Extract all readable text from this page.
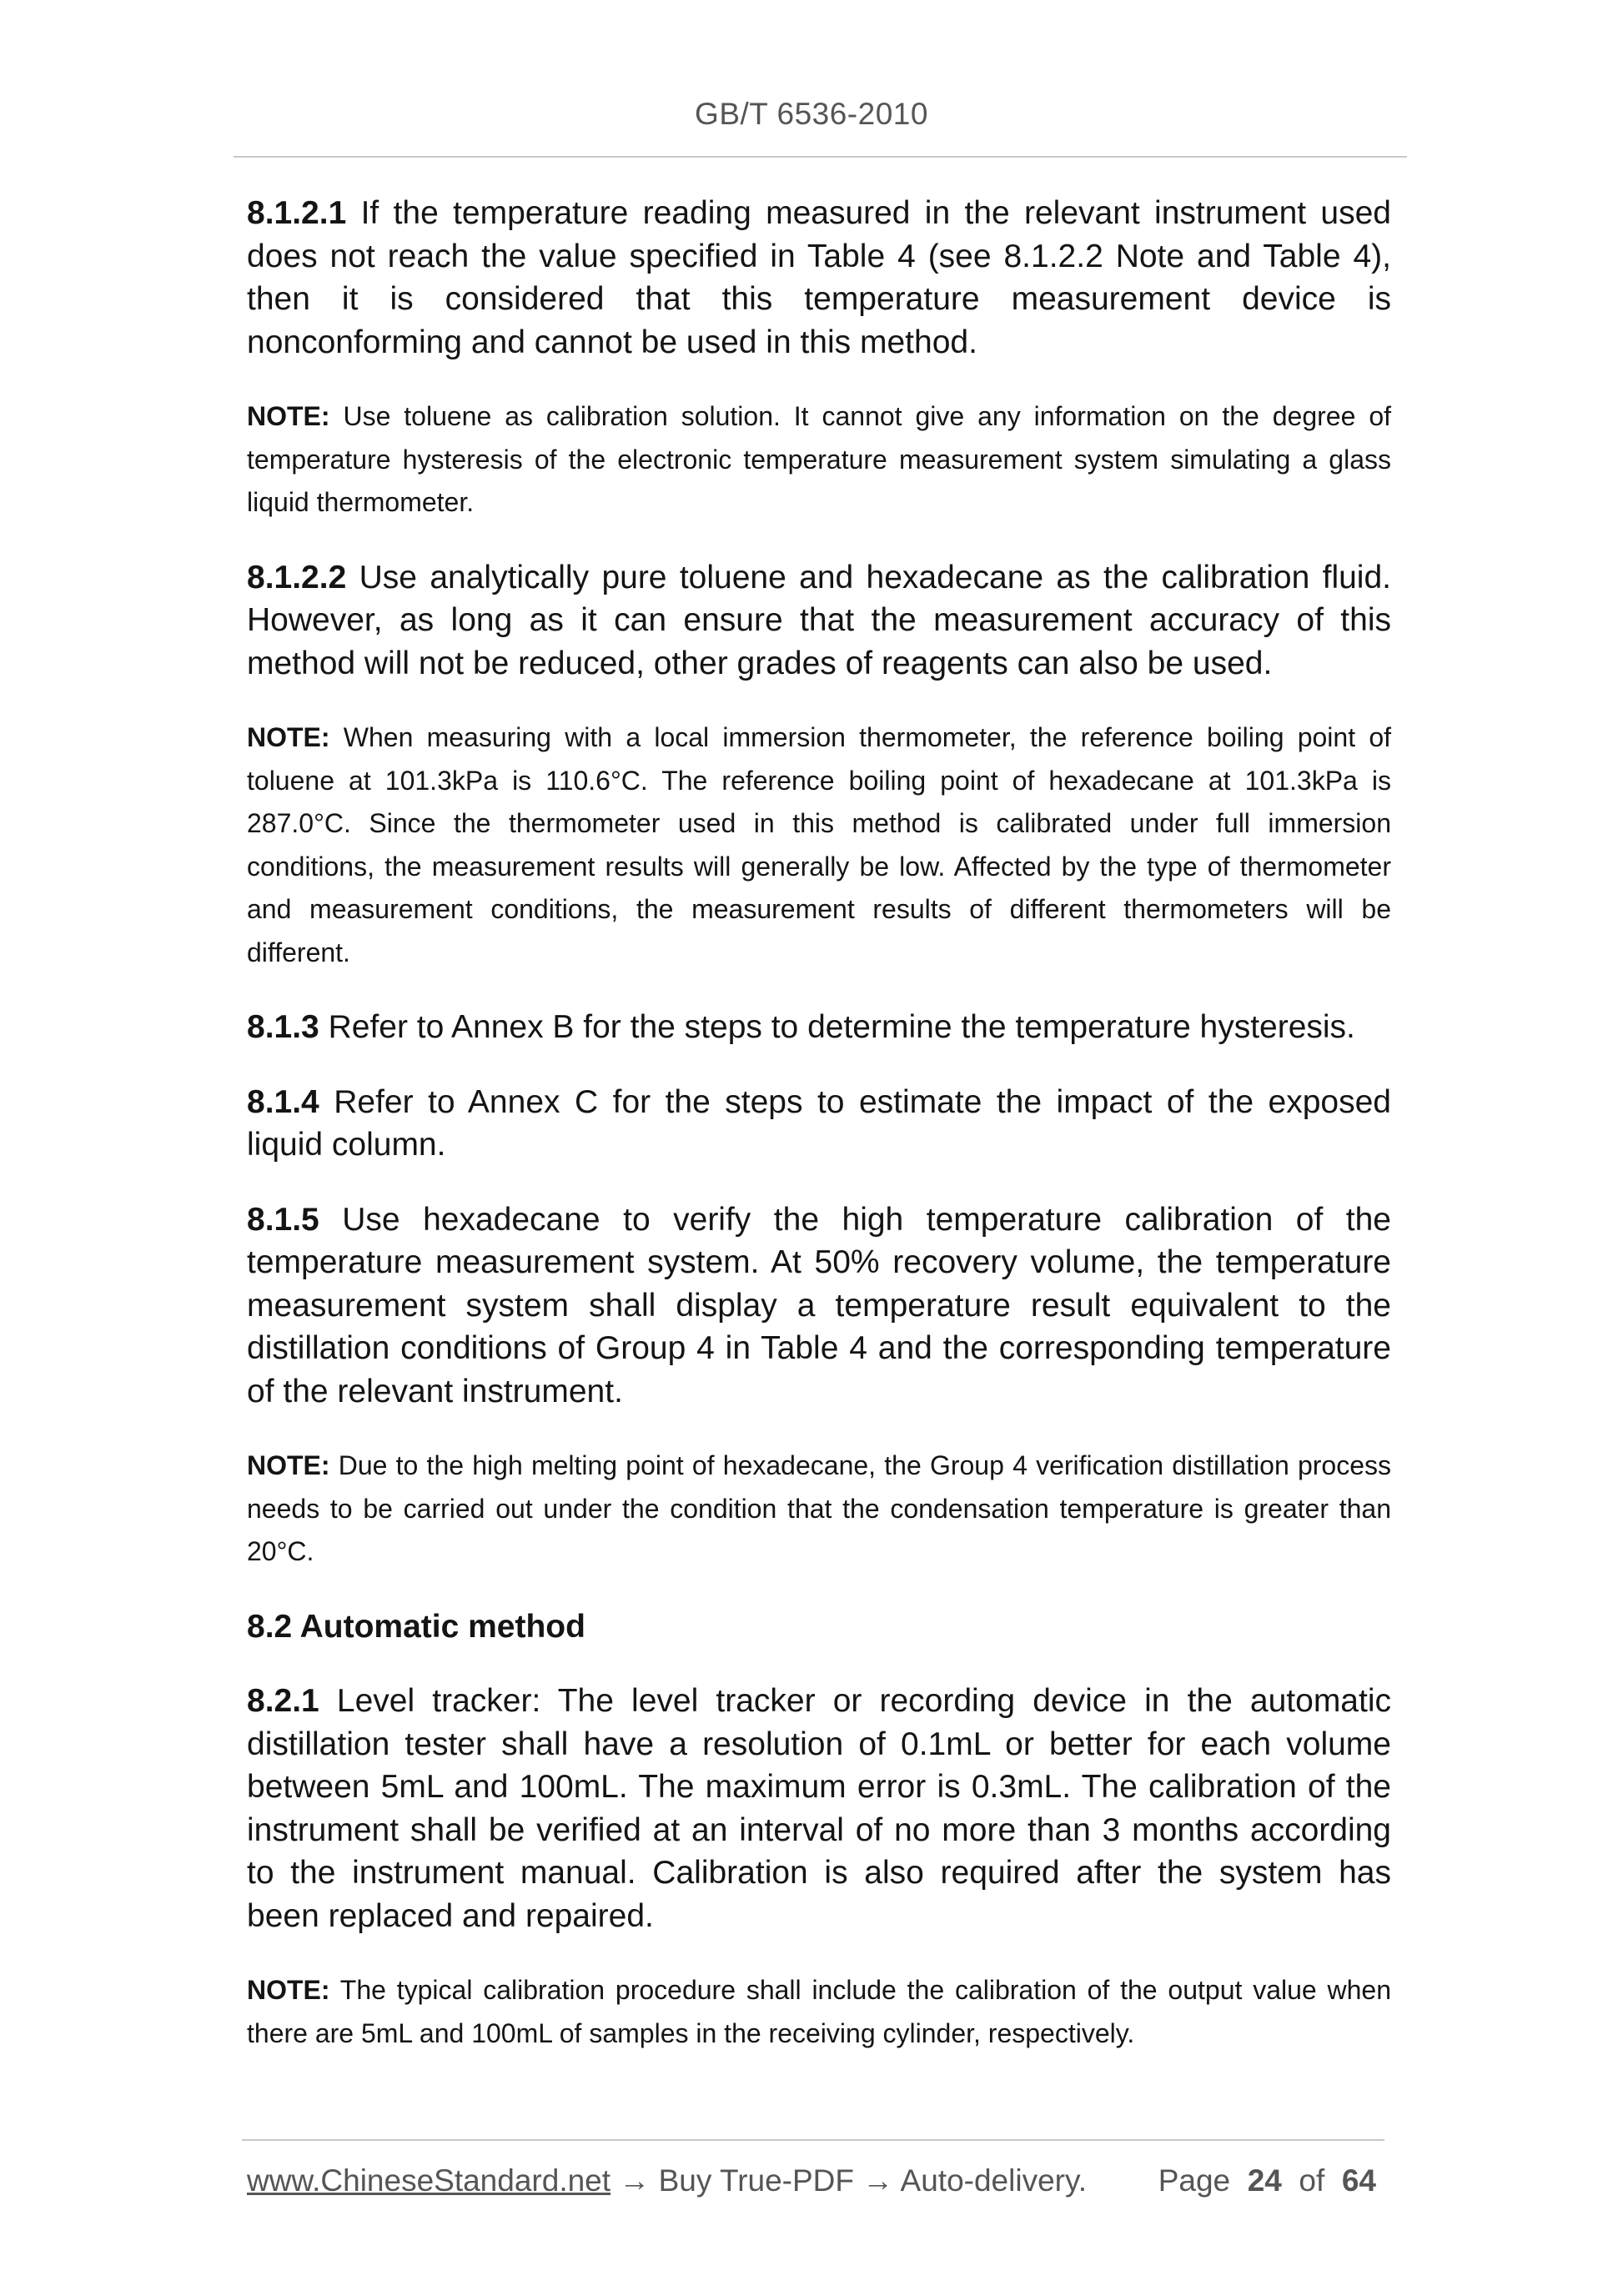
GB/T 6536-2010

8.1.2.1 If the temperature reading measured in the relevant instrument used does not reach the value specified in Table 4 (see 8.1.2.2 Note and Table 4), then it is considered that this temperature measurement device is nonconforming and cannot be used in this method.

NOTE: Use toluene as calibration solution. It cannot give any information on the degree of temperature hysteresis of the electronic temperature measurement system simulating a glass liquid thermometer.

8.1.2.2 Use analytically pure toluene and hexadecane as the calibration fluid. However, as long as it can ensure that the measurement accuracy of this method will not be reduced, other grades of reagents can also be used.

NOTE: When measuring with a local immersion thermometer, the reference boiling point of toluene at 101.3kPa is 110.6°C. The reference boiling point of hexadecane at 101.3kPa is 287.0°C. Since the thermometer used in this method is calibrated under full immersion conditions, the measurement results will generally be low. Affected by the type of thermometer and measurement conditions, the measurement results of different thermometers will be different.

8.1.3 Refer to Annex B for the steps to determine the temperature hysteresis.

8.1.4 Refer to Annex C for the steps to estimate the impact of the exposed liquid column.

8.1.5 Use hexadecane to verify the high temperature calibration of the temperature measurement system. At 50% recovery volume, the temperature measurement system shall display a temperature result equivalent to the distillation conditions of Group 4 in Table 4 and the corresponding temperature of the relevant instrument.

NOTE: Due to the high melting point of hexadecane, the Group 4 verification distillation process needs to be carried out under the condition that the condensation temperature is greater than 20°C.

8.2 Automatic method

8.2.1 Level tracker: The level tracker or recording device in the automatic distillation tester shall have a resolution of 0.1mL or better for each volume between 5mL and 100mL. The maximum error is 0.3mL. The calibration of the instrument shall be verified at an interval of no more than 3 months according to the instrument manual. Calibration is also required after the system has been replaced and repaired.

NOTE: The typical calibration procedure shall include the calibration of the output value when there are 5mL and 100mL of samples in the receiving cylinder, respectively.

www.ChineseStandard.net → Buy True-PDF → Auto-delivery. Page 24 of 64
